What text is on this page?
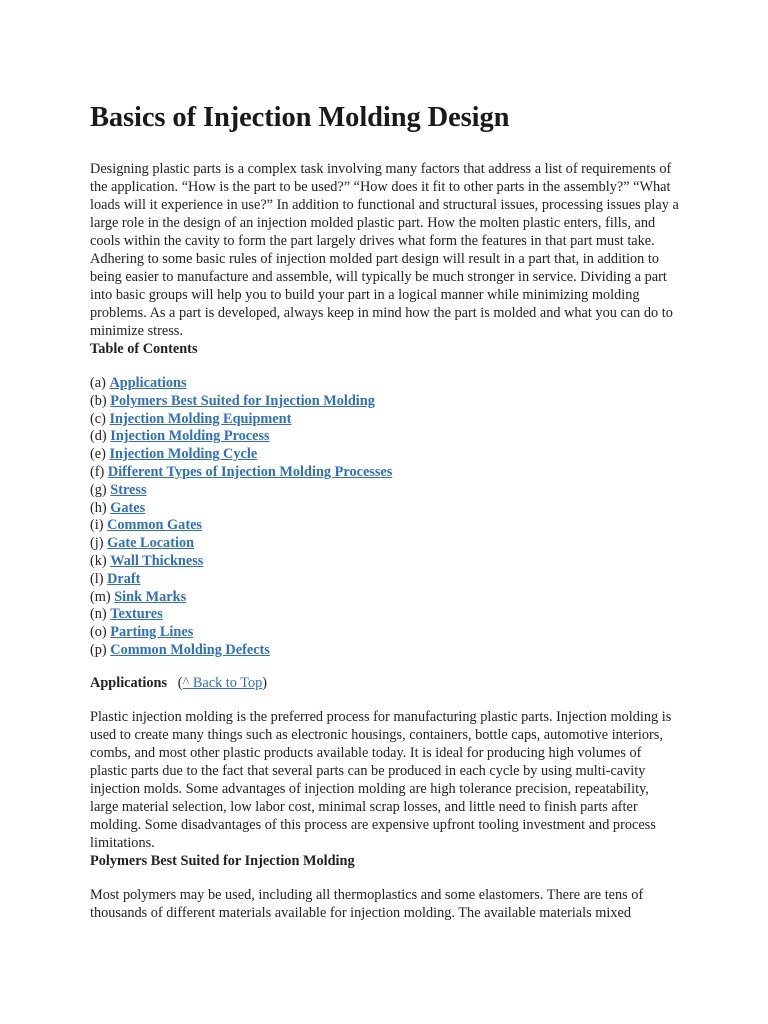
Basics of Injection Molding Design

Designing plastic parts is a complex task involving many factors that address a list of requirements of the application. “How is the part to be used?” “How does it fit to other parts in the assembly?” “What loads will it experience in use?” In addition to functional and structural issues, processing issues play a large role in the design of an injection molded plastic part. How the molten plastic enters, fills, and cools within the cavity to form the part largely drives what form the features in that part must take. Adhering to some basic rules of injection molded part design will result in a part that, in addition to being easier to manufacture and assemble, will typically be much stronger in service. Dividing a part into basic groups will help you to build your part in a logical manner while minimizing molding problems. As a part is developed, always keep in mind how the part is molded and what you can do to minimize stress.

Table of Contents
(a) Applications
(b) Polymers Best Suited for Injection Molding
(c) Injection Molding Equipment
(d) Injection Molding Process
(e) Injection Molding Cycle
(f) Different Types of Injection Molding Processes
(g) Stress
(h) Gates
(i) Common Gates
(j) Gate Location
(k) Wall Thickness
(l) Draft
(m) Sink Marks
(n) Textures
(o) Parting Lines
(p) Common Molding Defects
Applications (^ Back to Top)

Plastic injection molding is the preferred process for manufacturing plastic parts. Injection molding is used to create many things such as electronic housings, containers, bottle caps, automotive interiors, combs, and most other plastic products available today. It is ideal for producing high volumes of plastic parts due to the fact that several parts can be produced in each cycle by using multi-cavity injection molds. Some advantages of injection molding are high tolerance precision, repeatability, large material selection, low labor cost, minimal scrap losses, and little need to finish parts after molding. Some disadvantages of this process are expensive upfront tooling investment and process limitations.

Polymers Best Suited for Injection Molding

Most polymers may be used, including all thermoplastics and some elastomers. There are tens of thousands of different materials available for injection molding. The available materials mixed
